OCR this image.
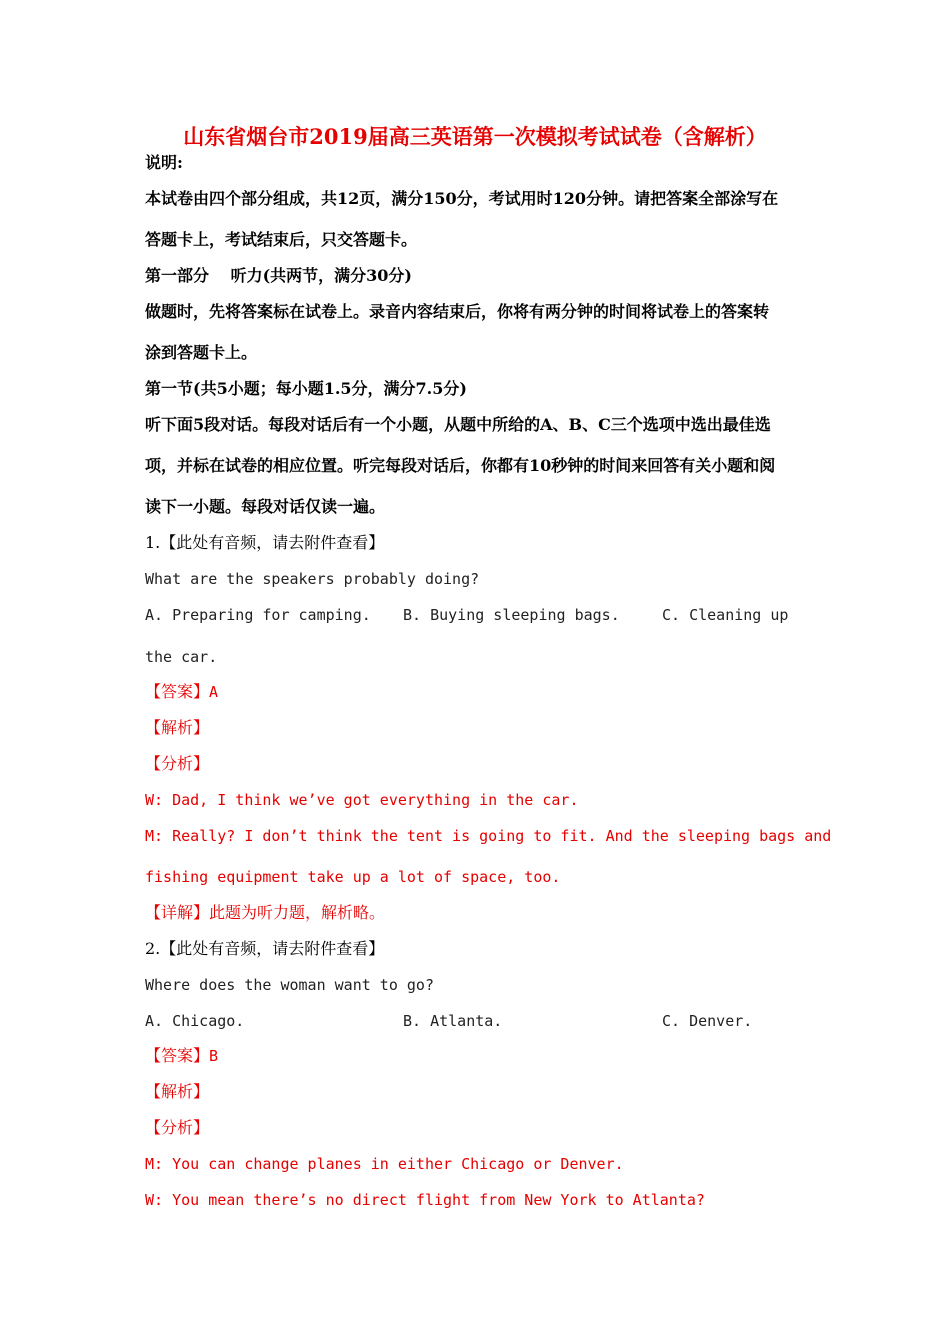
山东省烟台市2019届高三英语第一次模拟考试试卷（含解析）
说明:
本试卷由四个部分组成，共12页，满分150分，考试用时120分钟。请把答案全部涂写在
答题卡上，考试结束后，只交答题卡。
第一部分　 听力(共两节，满分30分)
做题时，先将答案标在试卷上。录音内容结束后，你将有两分钟的时间将试卷上的答案转
涂到答题卡上。
第一节(共5小题；每小题1.5分，满分7.5分)
听下面5段对话。每段对话后有一个小题，从题中所给的A、B、C三个选项中选出最佳选
项，并标在试卷的相应位置。听完每段对话后，你都有10秒钟的时间来回答有关小题和阅
读下一小题。每段对话仅读一遍。
1.【此处有音频，请去附件查看】
What are the speakers probably doing?
A. Preparing for camping. B. Buying sleeping bags.	C. Cleaning up
the car.
【答案】A
【解析】
【分析】
W: Dad, I think we’ve got everything in the car.
M: Really? I don’t think the tent is going to fit. And the sleeping bags and
fishing equipment take up a lot of space, too.
【详解】此题为听力题，解析略。
2.【此处有音频，请去附件查看】
Where does the woman want to go?
A. Chicago.	B. Atlanta.	C. Denver.
【答案】B
【解析】
【分析】
M: You can change planes in either Chicago or Denver.
W: You mean there’s no direct flight from New York to Atlanta?
